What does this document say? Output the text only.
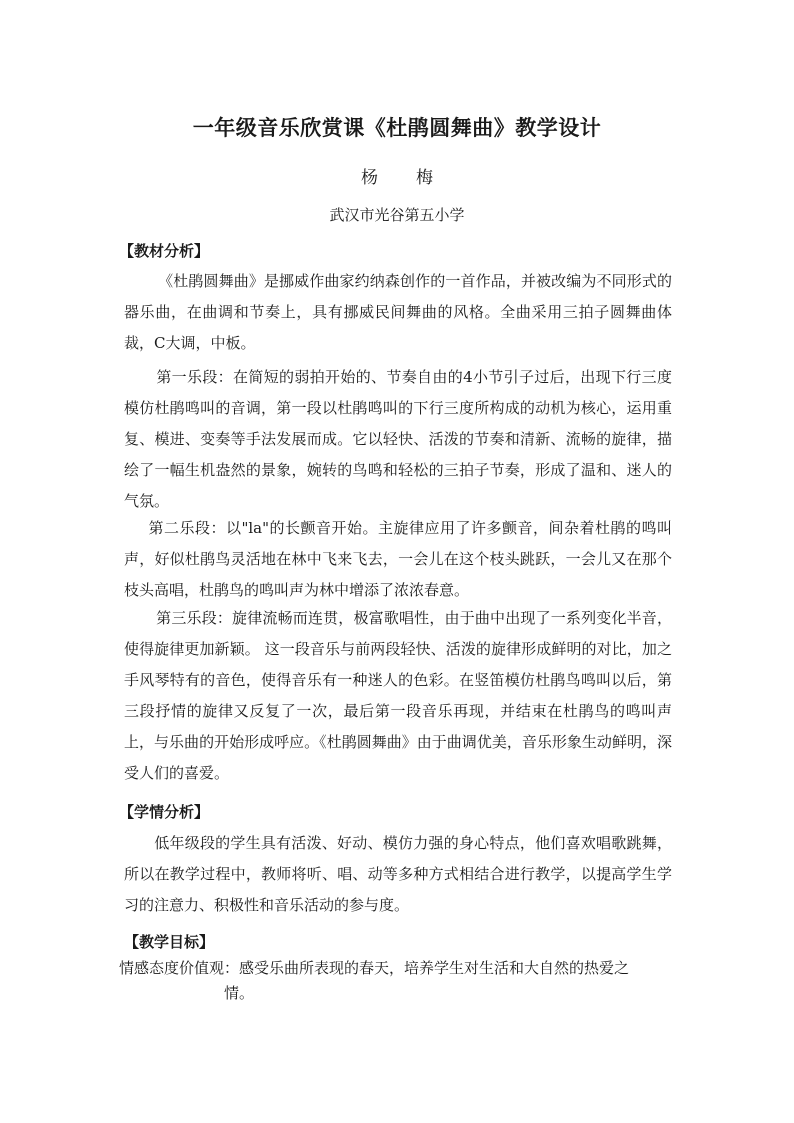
一年级音乐欣赏课《杜鹃圆舞曲》教学设计
杨 梅
武汉市光谷第五小学
【教材分析】

《杜鹃圆舞曲》是挪威作曲家约纳森创作的一首作品，并被改编为不同形式的器乐曲，在曲调和节奏上，具有挪威民间舞曲的风格。全曲采用三拍子圆舞曲体裁，C大调，中板。

第一乐段：在简短的弱拍开始的、节奏自由的4小节引子过后，出现下行三度模仿杜鹃鸣叫的音调，第一段以杜鹃鸣叫的下行三度所构成的动机为核心，运用重复、模进、变奏等手法发展而成。它以轻快、活泼的节奏和清新、流畅的旋律，描绘了一幅生机盎然的景象，婉转的鸟鸣和轻松的三拍子节奏，形成了温和、迷人的气氛。

第二乐段：以"la"的长颤音开始。主旋律应用了许多颤音，间杂着杜鹃的鸣叫声，好似杜鹃鸟灵活地在林中飞来飞去，一会儿在这个枝头跳跃，一会儿又在那个枝头高唱，杜鹃鸟的鸣叫声为林中增添了浓浓春意。

第三乐段：旋律流畅而连贯，极富歌唱性，由于曲中出现了一系列变化半音，使得旋律更加新颖。 这一段音乐与前两段轻快、活泼的旋律形成鲜明的对比，加之手风琴特有的音色，使得音乐有一种迷人的色彩。在竖笛模仿杜鹃鸟鸣叫以后，第三段抒情的旋律又反复了一次，最后第一段音乐再现，并结束在杜鹃鸟的鸣叫声上，与乐曲的开始形成呼应。《杜鹃圆舞曲》由于曲调优美，音乐形象生动鲜明，深受人们的喜爱。

【学情分析】

低年级段的学生具有活泼、好动、模仿力强的身心特点，他们喜欢唱歌跳舞，所以在教学过程中，教师将听、唱、动等多种方式相结合进行教学，以提高学生学习的注意力、积极性和音乐活动的参与度。

【教学目标】

情感态度价值观：感受乐曲所表现的春天，培养学生对生活和大自然的热爱之
情。
